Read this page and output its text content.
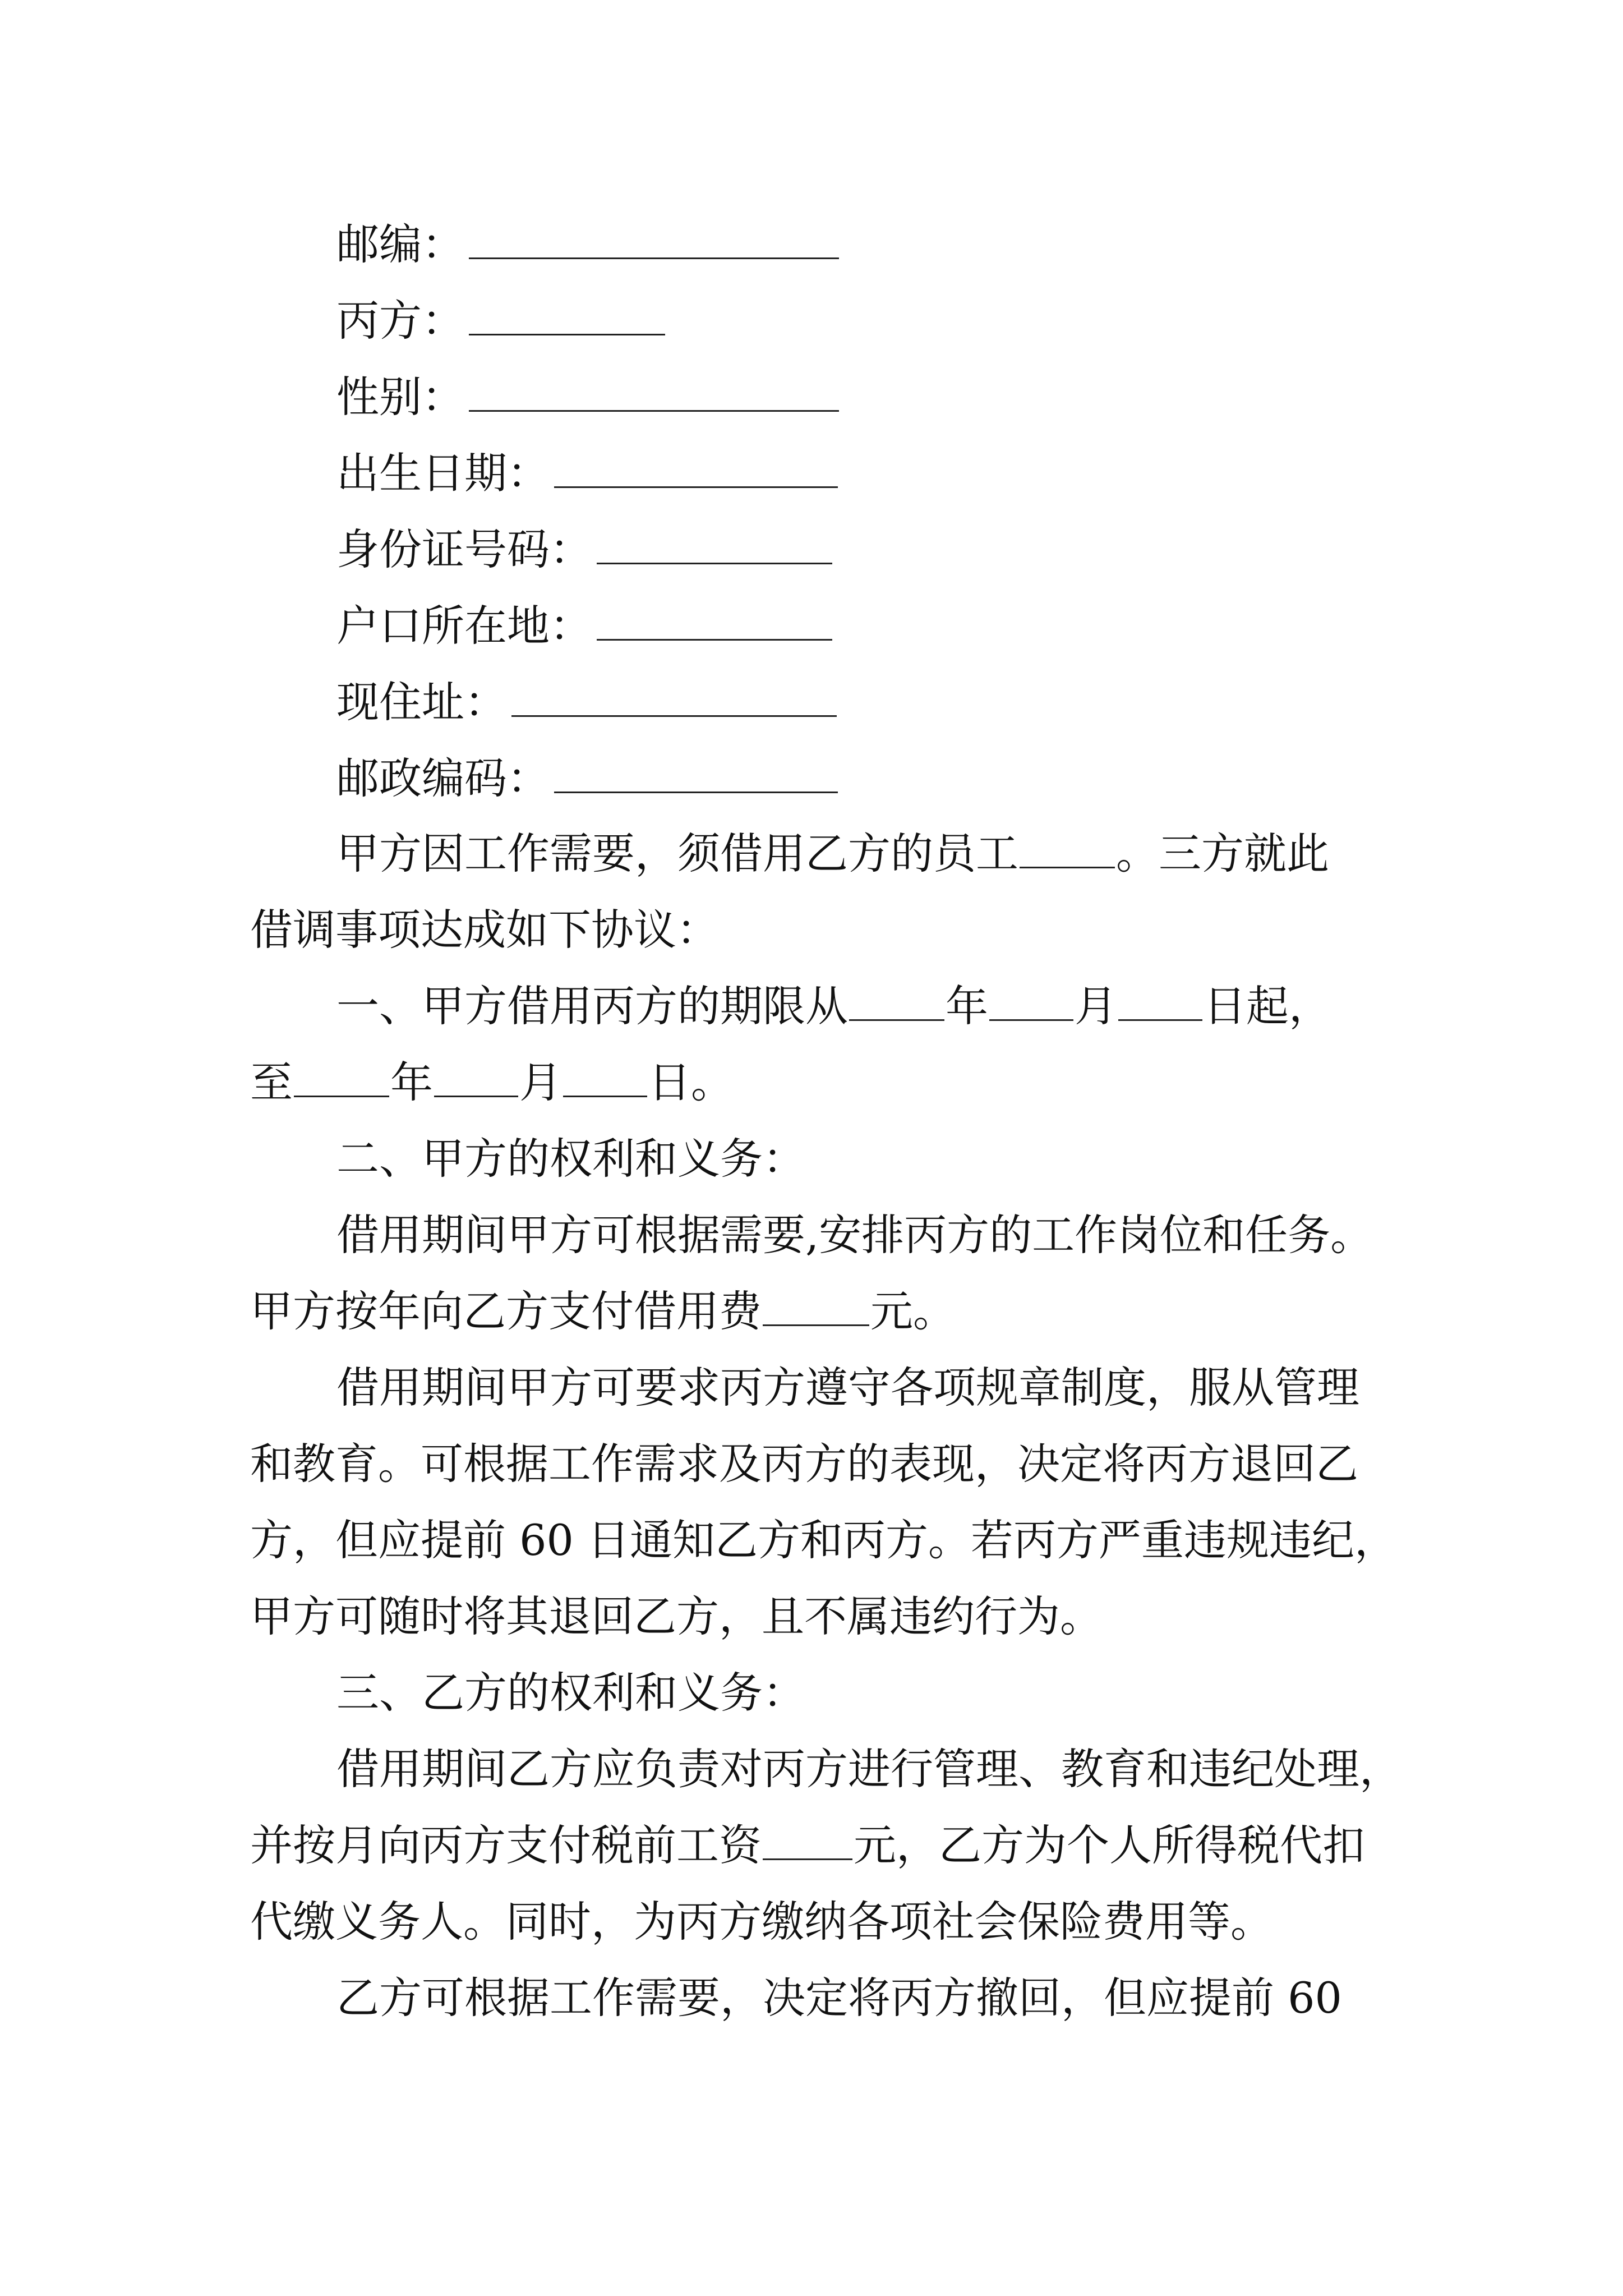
邮编：
丙方：
性别：
出生日期：
身份证号码：
户口所在地：
现住址：
邮政编码：
甲方因工作需要，须借用乙方的员工 。三方就此
借调事项达成如下协议：
一、甲方借用丙方的期限从 年 月 日起，
至 年 月 日。
二、甲方的权利和义务：
借用期间甲方可根据需要,安排丙方的工作岗位和任务。
甲方按年向乙方支付借用费	元。
借用期间甲方可要求丙方遵守各项规章制度，服从管理
和教育。可根据工作需求及丙方的表现，决定将丙方退回乙
方，但应提前 60 日通知乙方和丙方。若丙方严重违规违纪，
甲方可随时将其退回乙方，且不属违约行为。
三、乙方的权利和义务：
借用期间乙方应负责对丙方进行管理、教育和违纪处理，
并按月向丙方支付税前工资 元，乙方为个人所得税代扣
代缴义务人。同时，为丙方缴纳各项社会保险费用等。
乙方可根据工作需要，决定将丙方撤回，但应提前 60
